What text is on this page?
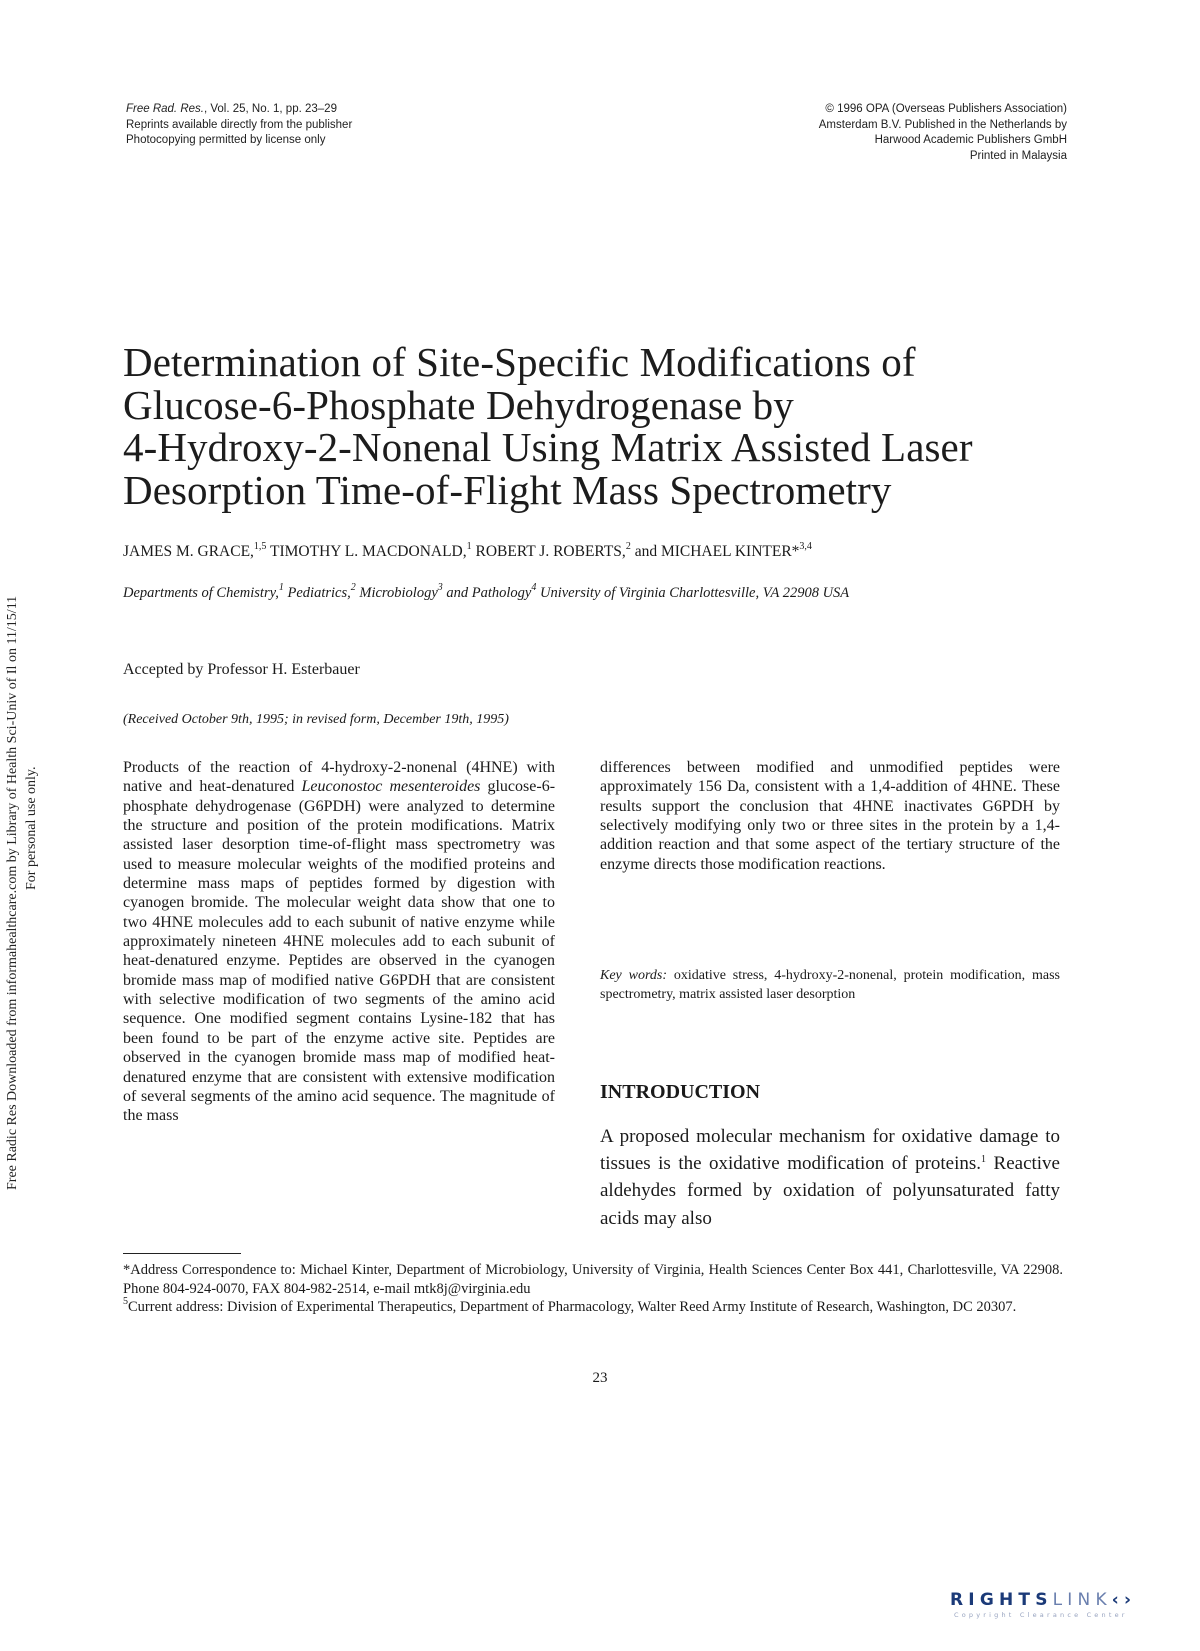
Free Rad. Res., Vol. 25, No. 1, pp. 23–29
Reprints available directly from the publisher
Photocopying permitted by license only
© 1996 OPA (Overseas Publishers Association)
Amsterdam B.V. Published in the Netherlands by
Harwood Academic Publishers GmbH
Printed in Malaysia
Free Radic Res Downloaded from informahealthcare.com by Library of Health Sci-Univ of Il on 11/15/11 For personal use only.
Determination of Site-Specific Modifications of
Glucose-6-Phosphate Dehydrogenase by
4-Hydroxy-2-Nonenal Using Matrix Assisted Laser
Desorption Time-of-Flight Mass Spectrometry
JAMES M. GRACE,$^{1,5}$ TIMOTHY L. MACDONALD,$^1$ ROBERT J. ROBERTS,$^2$ and MICHAEL KINTER*$^{3,4}$
Departments of Chemistry,$^1$ Pediatrics,$^2$ Microbiology$^3$ and Pathology$^4$ University of Virginia Charlottesville, VA 22908 USA
Accepted by Professor H. Esterbauer
(Received October 9th, 1995; in revised form, December 19th, 1995)
Products of the reaction of 4-hydroxy-2-nonenal (4HNE) with native and heat-denatured Leuconostoc mesenteroides glucose-6-phosphate dehydrogenase (G6PDH) were analyzed to determine the structure and position of the protein modifications. Matrix assisted laser desorption time-of-flight mass spectrometry was used to measure molecular weights of the modified proteins and determine mass maps of peptides formed by digestion with cyanogen bromide. The molecular weight data show that one to two 4HNE molecules add to each subunit of native enzyme while approximately nineteen 4HNE molecules add to each subunit of heat-denatured enzyme. Peptides are observed in the cyanogen bromide mass map of modified native G6PDH that are consistent with selective modification of two segments of the amino acid sequence. One modified segment contains Lysine-182 that has been found to be part of the enzyme active site. Peptides are observed in the cyanogen bromide mass map of modified heat-denatured enzyme that are consistent with extensive modification of several segments of the amino acid sequence. The magnitude of the mass
differences between modified and unmodified peptides were approximately 156 Da, consistent with a 1,4-addition of 4HNE. These results support the conclusion that 4HNE inactivates G6PDH by selectively modifying only two or three sites in the protein by a 1,4-addition reaction and that some aspect of the tertiary structure of the enzyme directs those modification reactions.
Key words: oxidative stress, 4-hydroxy-2-nonenal, protein modification, mass spectrometry, matrix assisted laser desorption
INTRODUCTION
A proposed molecular mechanism for oxidative damage to tissues is the oxidative modification of proteins.$^1$ Reactive aldehydes formed by oxidation of polyunsaturated fatty acids may also

*Address Correspondence to: Michael Kinter, Department of Microbiology, University of Virginia, Health Sciences Center Box 441, Charlottesville, VA 22908. Phone 804-924-0070, FAX 804-982-2514, e-mail mtk8j@virginia.edu

$^5$Current address: Division of Experimental Therapeutics, Department of Pharmacology, Walter Reed Army Institute of Research, Washington, DC 20307.

23
RIGHTSLINK‹›
Copyright Clearance Center
